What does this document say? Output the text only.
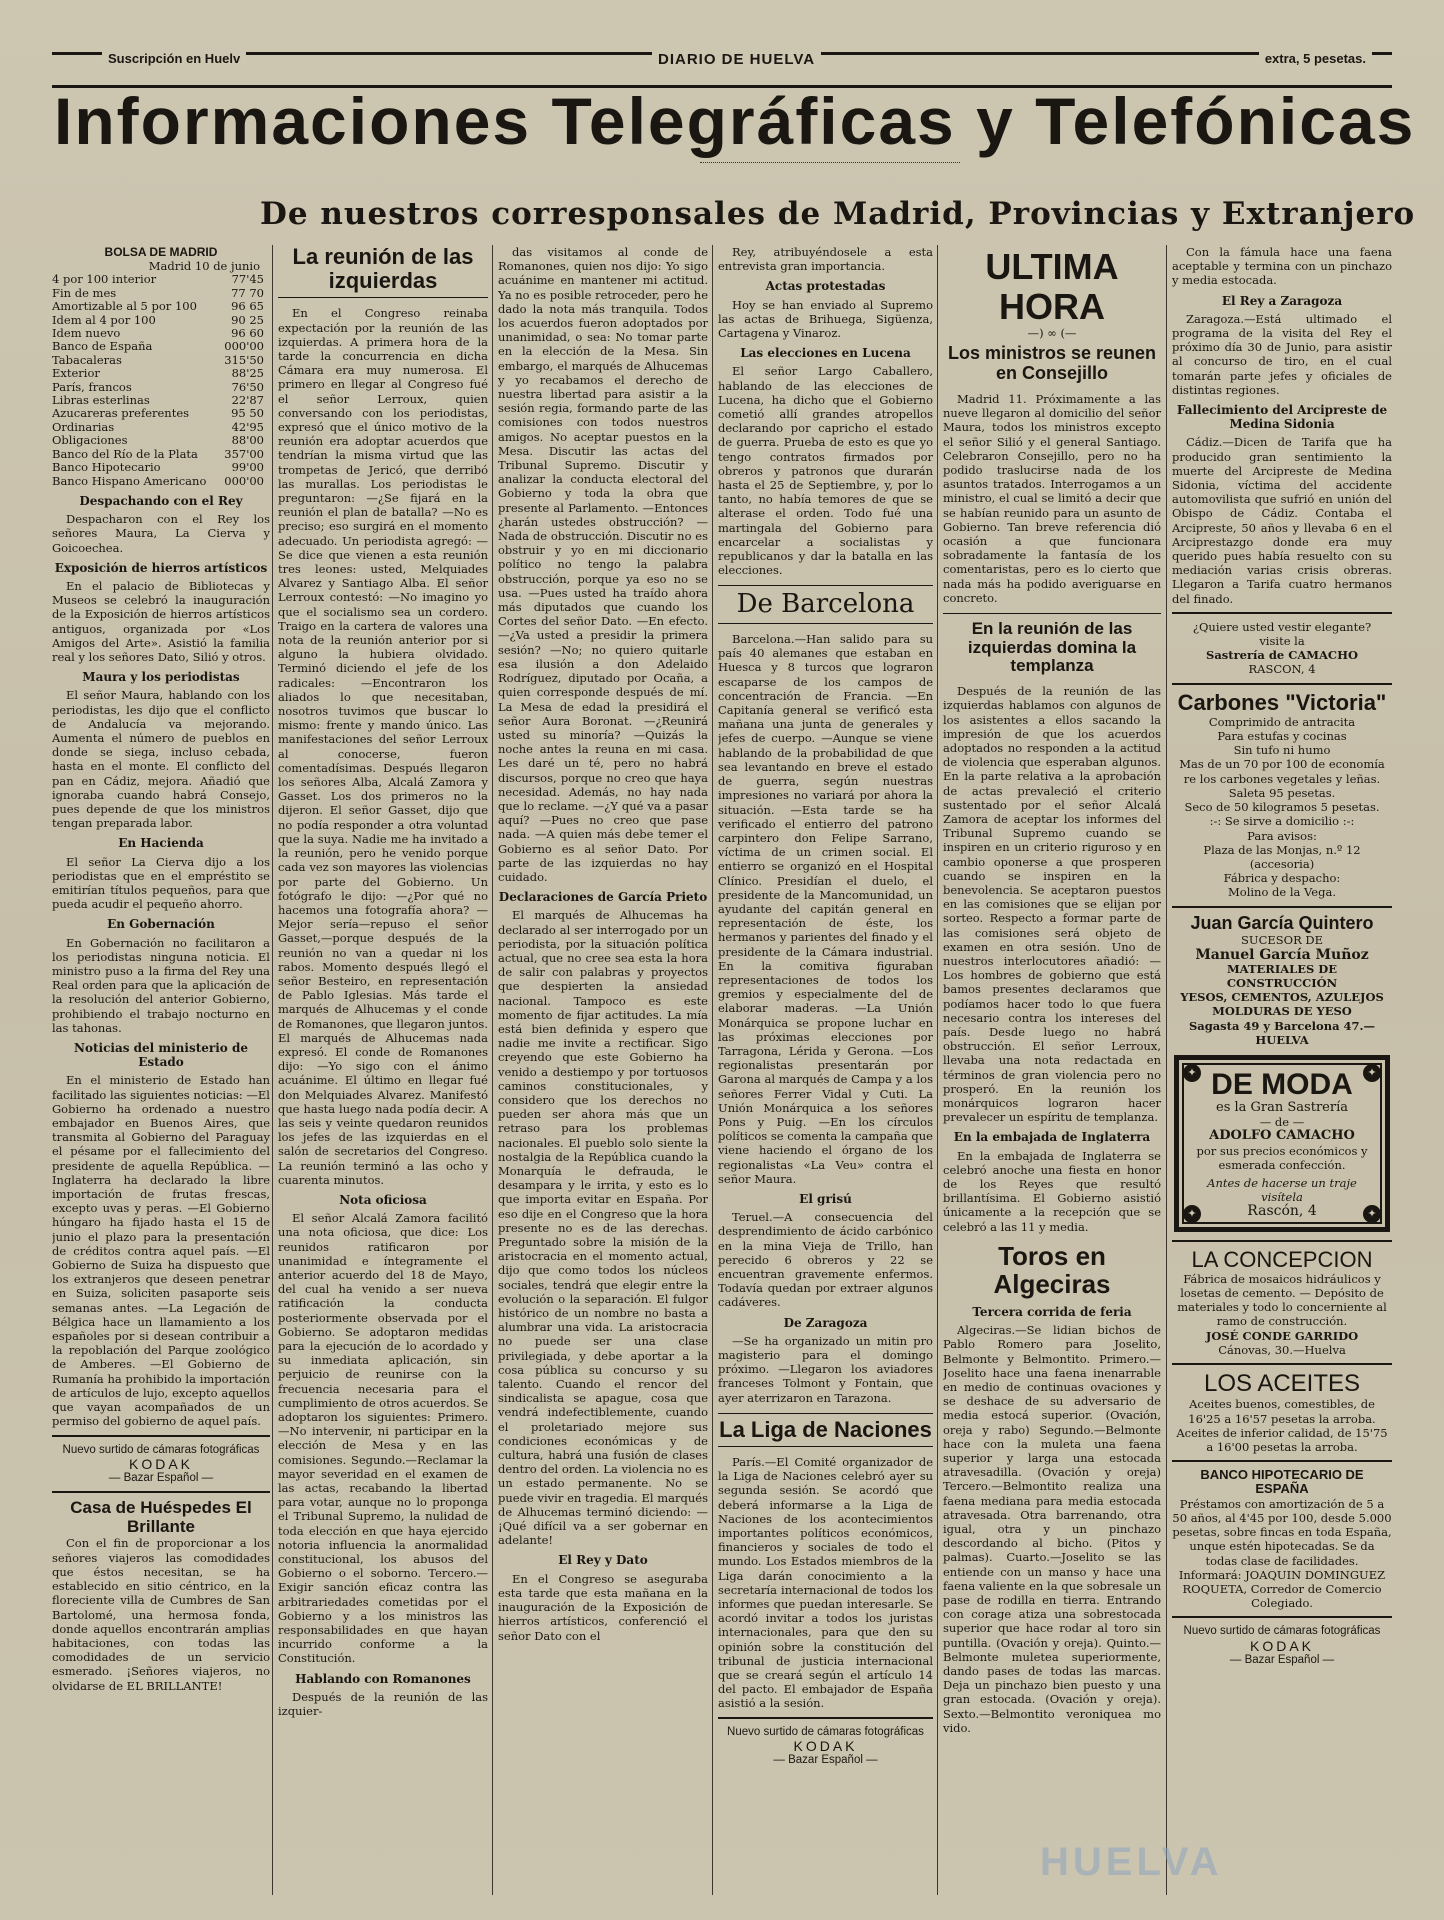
Suscripción en Huelv	DIARIO DE HUELVA	extra, 5 pesetas.
Informaciones Telegráficas y Telefónicas
De nuestros corresponsales de Madrid, Provincias y Extranjero
BOLSA DE MADRID
Madrid 10 de junio
4 por 100 interior	77'45
Fin de mes	77 70
Amortizable al 5 por 100	96 65
Idem al 4 por 100	90 25
Idem nuevo	96 60
Banco de España	000'00
Tabacaleras	315'50
Exterior	88'25
París, francos	76'50
Libras esterlinas	22'87
Azucareras preferentes	95 50
Ordinarias	42'95
Obligaciones	88'00
Banco del Río de la Plata 357'00
Banco Hipotecario	99'00
Banco Hispano Americano 000'00
Despachando con el Rey

Despacharon con el Rey los señores Maura, La Cierva y Goicoechea.

Exposición de hierros artísticos

En el palacio de Bibliotecas y Museos se celebró la inauguración de la Exposición de hierros artísticos antiguos, organizada por «Los Amigos del Arte». Asistió la familia real y los señores Dato, Silió y otros.

Maura y los periodistas

El señor Maura, hablando con los periodistas, les dijo que el conflicto de Andalucía va mejorando. Aumenta el número de pueblos en donde se siega, incluso cebada, hasta en el monte. El conflicto del pan en Cádiz, mejora. Añadió que ignoraba cuando habrá Consejo, pues depende de que los ministros tengan preparada labor.

En Hacienda

El señor La Cierva dijo a los periodistas que en el empréstito se emitirían títulos pequeños, para que pueda acudir el pequeño ahorro.

En Gobernación

En Gobernación no facilitaron a los periodistas ninguna noticia. El ministro puso a la firma del Rey una Real orden para que la aplicación de la resolución del anterior Gobierno, prohibiendo el trabajo nocturno en las tahonas.

Noticias del ministerio de Estado

En el ministerio de Estado han facilitado las siguientes noticias: —El Gobierno ha ordenado a nuestro embajador en Buenos Aires, que transmita al Gobierno del Paraguay el pésame por el fallecimiento del presidente de aquella República. —Inglaterra ha declarado la libre importación de frutas frescas, excepto uvas y peras. —El Gobierno húngaro ha fijado hasta el 15 de junio el plazo para la presentación de créditos contra aquel país. —El Gobierno de Suiza ha dispuesto que los extranjeros que deseen penetrar en Suiza, soliciten pasaporte seis semanas antes. —La Legación de Bélgica hace un llamamiento a los españoles por si desean contribuir a la repoblación del Parque zoológico de Amberes. —El Gobierno de Rumanía ha prohibido la importación de artículos de lujo, excepto aquellos que vayan acompañados de un permiso del gobierno de aquel país.

Nuevo surtido de cámaras fotográficas
KODAK
— Bazar Español —
Casa de Huéspedes El Brillante

Con el fin de proporcionar a los señores viajeros las comodidades que éstos necesitan, se ha establecido en sitio céntrico, en la floreciente villa de Cumbres de San Bartolomé, una hermosa fonda, donde aquellos encontrarán amplias habitaciones, con todas las comodidades de un servicio esmerado. ¡Señores viajeros, no olvidarse de EL BRILLANTE!

La reunión de las izquierdas

En el Congreso reinaba expectación por la reunión de las izquierdas. A primera hora de la tarde la concurrencia en dicha Cámara era muy numerosa. El primero en llegar al Congreso fué el señor Lerroux, quien conversando con los periodistas, expresó que el único motivo de la reunión era adoptar acuerdos que tendrían la misma virtud que las trompetas de Jericó, que derribó las murallas. Los periodistas le preguntaron: —¿Se fijará en la reunión el plan de batalla? —No es preciso; eso surgirá en el momento adecuado. Un periodista agregó: —Se dice que vienen a esta reunión tres leones: usted, Melquiades Alvarez y Santiago Alba. El señor Lerroux contestó: —No imagino yo que el socialismo sea un cordero. Traigo en la cartera de valores una nota de la reunión anterior por si alguno la hubiera olvidado. Terminó diciendo el jefe de los radicales: —Encontraron los aliados lo que necesitaban, nosotros tuvimos que buscar lo mismo: frente y mando único. Las manifestaciones del señor Lerroux al conocerse, fueron comentadísimas. Después llegaron los señores Alba, Alcalá Zamora y Gasset. Los dos primeros no la dijeron. El señor Gasset, dijo que no podía responder a otra voluntad que la suya. Nadie me ha invitado a la reunión, pero he venido porque cada vez son mayores las violencias por parte del Gobierno. Un fotógrafo le dijo: —¿Por qué no hacemos una fotografía ahora? —Mejor sería—repuso el señor Gasset,—porque después de la reunión no van a quedar ni los rabos. Momento después llegó el señor Besteiro, en representación de Pablo Iglesias. Más tarde el marqués de Alhucemas y el conde de Romanones, que llegaron juntos. El marqués de Alhucemas nada expresó. El conde de Romanones dijo: —Yo sigo con el ánimo acuánime. El último en llegar fué don Melquiades Alvarez. Manifestó que hasta luego nada podía decir. A las seis y veinte quedaron reunidos los jefes de las izquierdas en el salón de secretarios del Congreso. La reunión terminó a las ocho y cuarenta minutos.

Nota oficiosa

El señor Alcalá Zamora facilitó una nota oficiosa, que dice: Los reunidos ratificaron por unanimidad e íntegramente el anterior acuerdo del 18 de Mayo, del cual ha venido a ser nueva ratificación la conducta posteriormente observada por el Gobierno. Se adoptaron medidas para la ejecución de lo acordado y su inmediata aplicación, sin perjuicio de reunirse con la frecuencia necesaria para el cumplimiento de otros acuerdos. Se adoptaron los siguientes: Primero.—No intervenir, ni participar en la elección de Mesa y en las comisiones. Segundo.—Reclamar la mayor severidad en el examen de las actas, recabando la libertad para votar, aunque no lo proponga el Tribunal Supremo, la nulidad de toda elección en que haya ejercido notoria influencia la anormalidad constitucional, los abusos del Gobierno o el soborno. Tercero.—Exigir sanción eficaz contra las arbitrariedades cometidas por el Gobierno y a los ministros las responsabilidades en que hayan incurrido conforme a la Constitución.

Hablando con Romanones

Después de la reunión de las izquier-

das visitamos al conde de Romanones, quien nos dijo: Yo sigo acuánime en mantener mi actitud. Ya no es posible retroceder, pero he dado la nota más tranquila. Todos los acuerdos fueron adoptados por unanimidad, o sea: No tomar parte en la elección de la Mesa. Sin embargo, el marqués de Alhucemas y yo recabamos el derecho de nuestra libertad para asistir a la sesión regia, formando parte de las comisiones con todos nuestros amigos. No aceptar puestos en la Mesa. Discutir las actas del Tribunal Supremo. Discutir y analizar la conducta electoral del Gobierno y toda la obra que presente al Parlamento. —Entonces ¿harán ustedes obstrucción? —Nada de obstrucción. Discutir no es obstruir y yo en mi diccionario político no tengo la palabra obstrucción, porque ya eso no se usa. —Pues usted ha traído ahora más diputados que cuando los Cortes del señor Dato. —En efecto. —¿Va usted a presidir la primera sesión? —No; no quiero quitarle esa ilusión a don Adelaido Rodríguez, diputado por Ocaña, a quien corresponde después de mí. La Mesa de edad la presidirá el señor Aura Boronat. —¿Reunirá usted su minoría? —Quizás la noche antes la reuna en mi casa. Les daré un té, pero no habrá discursos, porque no creo que haya necesidad. Además, no hay nada que lo reclame. —¿Y qué va a pasar aquí? —Pues no creo que pase nada. —A quien más debe temer el Gobierno es al señor Dato. Por parte de las izquierdas no hay cuidado.

Declaraciones de García Prieto

El marqués de Alhucemas ha declarado al ser interrogado por un periodista, por la situación política actual, que no cree sea esta la hora de salir con palabras y proyectos que despierten la ansiedad nacional. Tampoco es este momento de fijar actitudes. La mía está bien definida y espero que nadie me invite a rectificar. Sigo creyendo que este Gobierno ha venido a destiempo y por tortuosos caminos constitucionales, y considero que los derechos no pueden ser ahora más que un retraso para los problemas nacionales. El pueblo solo siente la nostalgia de la República cuando la Monarquía le defrauda, le desampara y le irrita, y esto es lo que importa evitar en España. Por eso dije en el Congreso que la hora presente no es de las derechas. Preguntado sobre la misión de la aristocracia en el momento actual, dijo que como todos los núcleos sociales, tendrá que elegir entre la evolución o la separación. El fulgor histórico de un nombre no basta a alumbrar una vida. La aristocracia no puede ser una clase privilegiada, y debe aportar a la cosa pública su concurso y su talento. Cuando el rencor del sindicalista se apague, cosa que vendrá indefectiblemente, cuando el proletariado mejore sus condiciones económicas y de cultura, habrá una fusión de clases dentro del orden. La violencia no es un estado permanente. No se puede vivir en tragedia. El marqués de Alhucemas terminó diciendo: —¡Qué difícil va a ser gobernar en adelante!

El Rey y Dato

En el Congreso se aseguraba esta tarde que esta mañana en la inauguración de la Exposición de hierros artísticos, conferenció el señor Dato con el

Rey, atribuyéndosele a esta entrevista gran importancia.

Actas protestadas

Hoy se han enviado al Supremo las actas de Brihuega, Sigüenza, Cartagena y Vinaroz.

Las elecciones en Lucena

El señor Largo Caballero, hablando de las elecciones de Lucena, ha dicho que el Gobierno cometió allí grandes atropellos declarando por capricho el estado de guerra. Prueba de esto es que yo tengo contratos firmados por obreros y patronos que durarán hasta el 25 de Septiembre, y, por lo tanto, no había temores de que se alterase el orden. Todo fué una martingala del Gobierno para encarcelar a socialistas y republicanos y dar la batalla en las elecciones.

De Barcelona

Barcelona.—Han salido para su país 40 alemanes que estaban en Huesca y 8 turcos que lograron escaparse de los campos de concentración de Francia. —En Capitanía general se verificó esta mañana una junta de generales y jefes de cuerpo. —Aunque se viene hablando de la probabilidad de que sea levantando en breve el estado de guerra, según nuestras impresiones no variará por ahora la situación. —Esta tarde se ha verificado el entierro del patrono carpintero don Felipe Sarrano, víctima de un crimen social. El entierro se organizó en el Hospital Clínico. Presidían el duelo, el presidente de la Mancomunidad, un ayudante del capitán general en representación de éste, los hermanos y parientes del finado y el presidente de la Cámara industrial. En la comitiva figuraban representaciones de todos los gremios y especialmente del de elaborar maderas. —La Unión Monárquica se propone luchar en las próximas elecciones por Tarragona, Lérida y Gerona. —Los regionalistas presentarán por Garona al marqués de Campa y a los señores Ferrer Vidal y Cuti. La Unión Monárquica a los señores Pons y Puig. —En los círculos políticos se comenta la campaña que viene haciendo el órgano de los regionalistas «La Veu» contra el señor Maura.

El grisú

Teruel.—A consecuencia del desprendimiento de ácido carbónico en la mina Vieja de Trillo, han perecido 6 obreros y 22 se encuentran gravemente enfermos. Todavía quedan por extraer algunos cadáveres.

De Zaragoza

—Se ha organizado un mitin pro magisterio para el domingo próximo. —Llegaron los aviadores franceses Tolmont y Fontain, que ayer aterrizaron en Tarazona.

La Liga de Naciones

París.—El Comité organizador de la Liga de Naciones celebró ayer su segunda sesión. Se acordó que deberá informarse a la Liga de Naciones de los acontecimientos importantes políticos económicos, financieros y sociales de todo el mundo. Los Estados miembros de la Liga darán conocimiento a la secretaría internacional de todos los informes que puedan interesarle. Se acordó invitar a todos los juristas internacionales, para que den su opinión sobre la constitución del tribunal de justicia internacional que se creará según el artículo 14 del pacto. El embajador de España asistió a la sesión.

Nuevo surtido de cámaras fotográficas
KODAK
— Bazar Español —
ULTIMA HORA
—) ∞ (—
Los ministros se reunen en Consejillo

Madrid 11. Próximamente a las nueve llegaron al domicilio del señor Maura, todos los ministros excepto el señor Silió y el general Santiago. Celebraron Consejillo, pero no ha podido traslucirse nada de los asuntos tratados. Interrogamos a un ministro, el cual se limitó a decir que se habían reunido para un asunto de Gobierno. Tan breve referencia dió ocasión a que funcionara sobradamente la fantasía de los comentaristas, pero es lo cierto que nada más ha podido averiguarse en concreto.

En la reunión de las izquierdas domina la templanza

Después de la reunión de las izquierdas hablamos con algunos de los asistentes a ellos sacando la impresión de que los acuerdos adoptados no responden a la actitud de violencia que esperaban algunos. En la parte relativa a la aprobación de actas prevaleció el criterio sustentado por el señor Alcalá Zamora de aceptar los informes del Tribunal Supremo cuando se inspiren en un criterio riguroso y en cambio oponerse a que prosperen cuando se inspiren en la benevolencia. Se aceptaron puestos en las comisiones que se elijan por sorteo. Respecto a formar parte de las comisiones será objeto de examen en otra sesión. Uno de nuestros interlocutores añadió: —Los hombres de gobierno que está bamos presentes declaramos que podíamos hacer todo lo que fuera necesario contra los intereses del país. Desde luego no habrá obstrucción. El señor Lerroux, llevaba una nota redactada en términos de gran violencia pero no prosperó. En la reunión los monárquicos lograron hacer prevalecer un espíritu de templanza.

En la embajada de Inglaterra

En la embajada de Inglaterra se celebró anoche una fiesta en honor de los Reyes que resultó brillantísima. El Gobierno asistió únicamente a la recepción que se celebró a las 11 y media.

Toros en Algeciras
Tercera corrida de feria

Algeciras.—Se lidian bichos de Pablo Romero para Joselito, Belmonte y Belmontito. Primero.—Joselito hace una faena inenarrable en medio de continuas ovaciones y se deshace de su adversario de media estocá superior. (Ovación, oreja y rabo) Segundo.—Belmonte hace con la muleta una faena superior y larga una estocada atravesadilla. (Ovación y oreja) Tercero.—Belmontito realiza una faena mediana para media estocada atravesada. Otra barrenando, otra igual, otra y un pinchazo descordando al bicho. (Pitos y palmas). Cuarto.—Joselito se las entiende con un manso y hace una faena valiente en la que sobresale un pase de rodilla en tierra. Entrando con corage atiza una sobrestocada superior que hace rodar al toro sin puntilla. (Ovación y oreja). Quinto.—Belmonte muletea superiormente, dando pases de todas las marcas. Deja un pinchazo bien puesto y una gran estocada. (Ovación y oreja). Sexto.—Belmontito veroniquea mo vido.

Con la fámula hace una faena aceptable y termina con un pinchazo y media estocada.

El Rey a Zaragoza

Zaragoza.—Está ultimado el programa de la visita del Rey el próximo día 30 de Junio, para asistir al concurso de tiro, en el cual tomarán parte jefes y oficiales de distintas regiones.

Fallecimiento del Arcipreste de Medina Sidonia

Cádiz.—Dicen de Tarifa que ha producido gran sentimiento la muerte del Arcipreste de Medina Sidonia, víctima del accidente automovilista que sufrió en unión del Obispo de Cádiz. Contaba el Arcipreste, 50 años y llevaba 6 en el Arciprestazgo donde era muy querido pues había resuelto con su mediación varias crisis obreras. Llegaron a Tarifa cuatro hermanos del finado.

¿Quiere usted vestir elegante?
visite la
Sastrería de CAMACHO
RASCON, 4
Carbones "Victoria"
Comprimido de antracita
Para estufas y cocinas
Sin tufo ni humo
Mas de un 70 por 100 de economía re los carbones vegetales y leñas.
Saleta 95 pesetas.
Seco de 50 kilogramos 5 pesetas.
:-: Se sirve a domicilio :-:
Para avisos:
Plaza de las Monjas, n.º 12 (accesoria)
Fábrica y despacho:
Molino de la Vega.
Juan García Quintero
SUCESOR DE
Manuel García Muñoz
MATERIALES DE CONSTRUCCIÓN
YESOS, CEMENTOS, AZULEJOS
MOLDURAS DE YESO
Sagasta 49 y Barcelona 47.—HUELVA
✦	✦
✦	✦
DE MODA
es la Gran Sastrería
— de —
ADOLFO CAMACHO
por sus precios económicos y esmerada confección.
Antes de hacerse un traje visítela
Rascón, 4
LA CONCEPCION
Fábrica de mosaicos hidráulicos y losetas de cemento. — Depósito de materiales y todo lo concerniente al ramo de construcción.
JOSÉ CONDE GARRIDO
Cánovas, 30.—Huelva
LOS ACEITES
Aceites buenos, comestibles, de 16'25 a 16'57 pesetas la arroba.
Aceites de inferior calidad, de 15'75 a 16'00 pesetas la arroba.
BANCO HIPOTECARIO DE ESPAÑA
Préstamos con amortización de 5 a 50 años, al 4'45 por 100, desde 5.000 pesetas, sobre fincas en toda España, unque estén hipotecadas. Se da todas clase de facilidades.
Informará: JOAQUIN DOMINGUEZ ROQUETA, Corredor de Comercio Colegiado.
Nuevo surtido de cámaras fotográficas
KODAK
— Bazar Español —
HUELVA
